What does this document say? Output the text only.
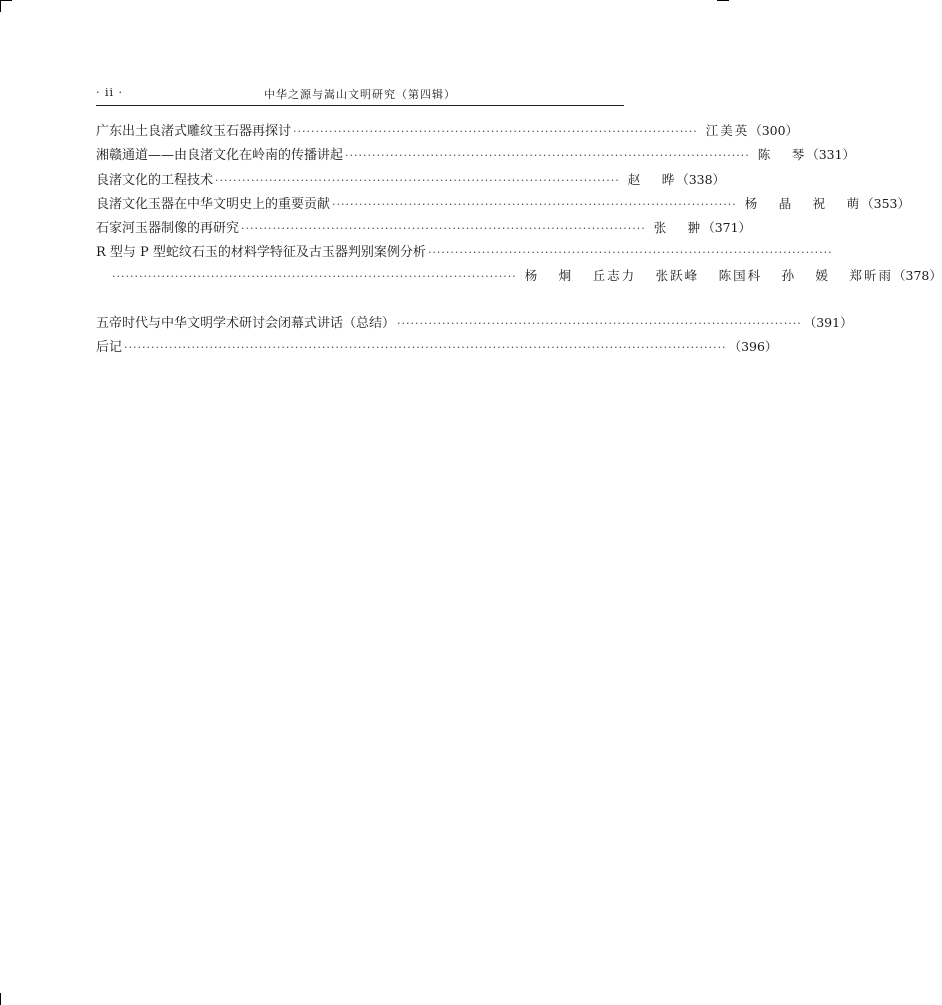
· ii ·	中华之源与嵩山文明研究（第四辑）
广东出土良渚式雕纹玉石器再探讨 ·························································································· 江美英 （300）
湘赣通道——由良渚文化在岭南的传播讲起 ·························································································· 陈 琴 （331）
良渚文化的工程技术 ·························································································· 赵 晔 （338）
良渚文化玉器在中华文明史上的重要贡献 ·························································································· 杨 晶 祝 萌 （353）
石家河玉器制像的再研究 ·························································································· 张 翀 （371）
R 型与 P 型蛇纹石玉的材料学特征及古玉器判别案例分析 ··························································································
·························································································· 杨 炯 丘志力 张跃峰 陈国科 孙 媛 郑昕雨 （378）
五帝时代与中华文明学术研讨会闭幕式讲话（总结） ·························································································· （391）
后记 ······································································································································ （396）
